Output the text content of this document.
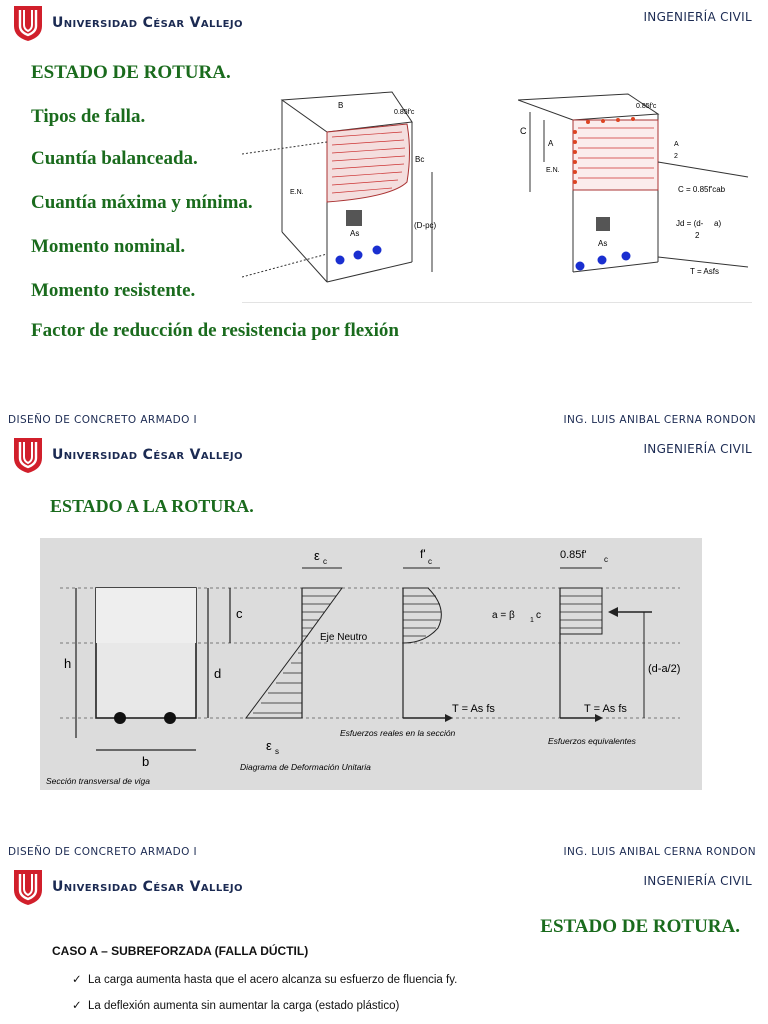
Universidad César Vallejo	INGENIERÍA CIVIL
ESTADO DE ROTURA.
Tipos de falla.
Cuantía balanceada.
Cuantía máxima y mínima.
Momento nominal.
Momento resistente.
Factor de reducción de resistencia por flexión
B
0.85f'c
Bc
E.N.
(D-pc)
As
0.85f'c
C
A	A
2
E.N.
C = 0.85f'cab
Jd = (d- a)
2
As
T = Asfs
DISEÑO DE CONCRETO ARMADO I	ING. LUIS ANIBAL CERNA RONDON
Universidad César Vallejo	INGENIERÍA CIVIL
ESTADO A LA ROTURA.
h
d
c
b
Sección transversal de viga
ε c
ε s
Eje Neutro
Diagrama de Deformación Unitaria
f'
c
T = As fs
Esfuerzos reales en la sección
0.85f' c
a = β 1 c
(d-a/2)
T = As fs
Esfuerzos equivalentes
DISEÑO DE CONCRETO ARMADO I	ING. LUIS ANIBAL CERNA RONDON
Universidad César Vallejo	INGENIERÍA CIVIL
ESTADO DE ROTURA.
CASO A – SUBREFORZADA (FALLA DÚCTIL)
✓ La carga aumenta hasta que el acero alcanza su esfuerzo de fluencia fy.
✓ La deflexión aumenta sin aumentar la carga (estado plástico)
